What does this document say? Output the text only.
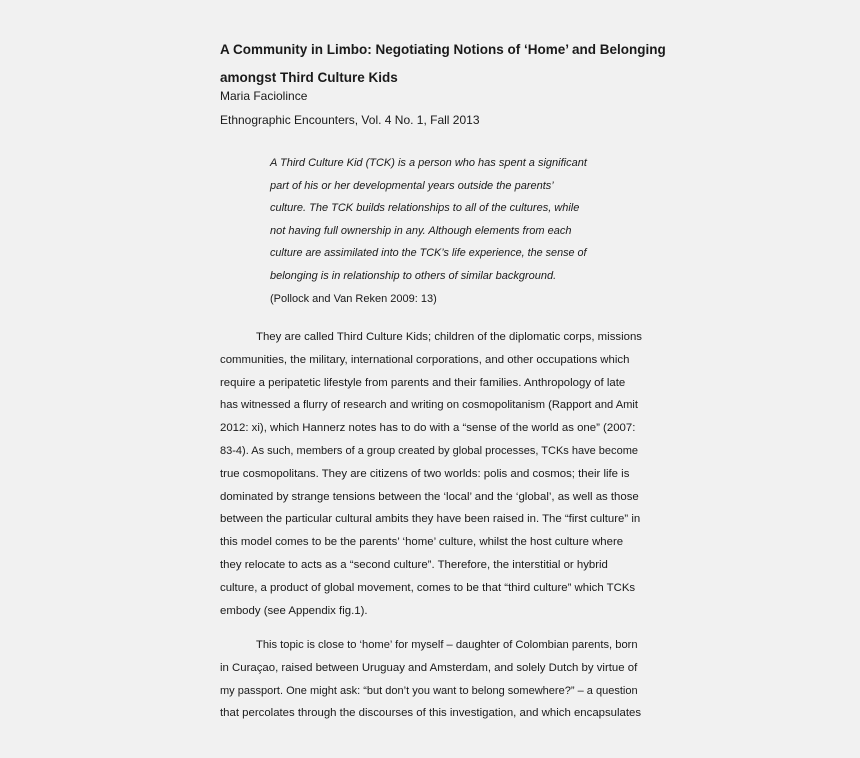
A Community in Limbo: Negotiating Notions of ‘Home’ and Belonging
amongst Third Culture Kids
Maria Faciolince
Ethnographic Encounters, Vol. 4 No. 1, Fall 2013
A Third Culture Kid (TCK) is a person who has spent a significant
part of his or her developmental years outside the parents’
culture. The TCK builds relationships to all of the cultures, while
not having full ownership in any. Although elements from each
culture are assimilated into the TCK’s life experience, the sense of
belonging is in relationship to others of similar background.
(Pollock and Van Reken 2009: 13)
They are called Third Culture Kids; children of the diplomatic corps, missions
communities, the military, international corporations, and other occupations which
require a peripatetic lifestyle from parents and their families. Anthropology of late
has witnessed a flurry of research and writing on cosmopolitanism (Rapport and Amit
2012: xi), which Hannerz notes has to do with a “sense of the world as one” (2007:
83-4). As such, members of a group created by global processes, TCKs have become
true cosmopolitans. They are citizens of two worlds: polis and cosmos; their life is
dominated by strange tensions between the ‘local’ and the ‘global’, as well as those
between the particular cultural ambits they have been raised in. The “first culture” in
this model comes to be the parents’ ‘home’ culture, whilst the host culture where
they relocate to acts as a “second culture”. Therefore, the interstitial or hybrid
culture, a product of global movement, comes to be that “third culture” which TCKs
embody (see Appendix fig.1).
This topic is close to ‘home’ for myself – daughter of Colombian parents, born
in Curaçao, raised between Uruguay and Amsterdam, and solely Dutch by virtue of
my passport. One might ask: “but don’t you want to belong somewhere?” – a question
that percolates through the discourses of this investigation, and which encapsulates
